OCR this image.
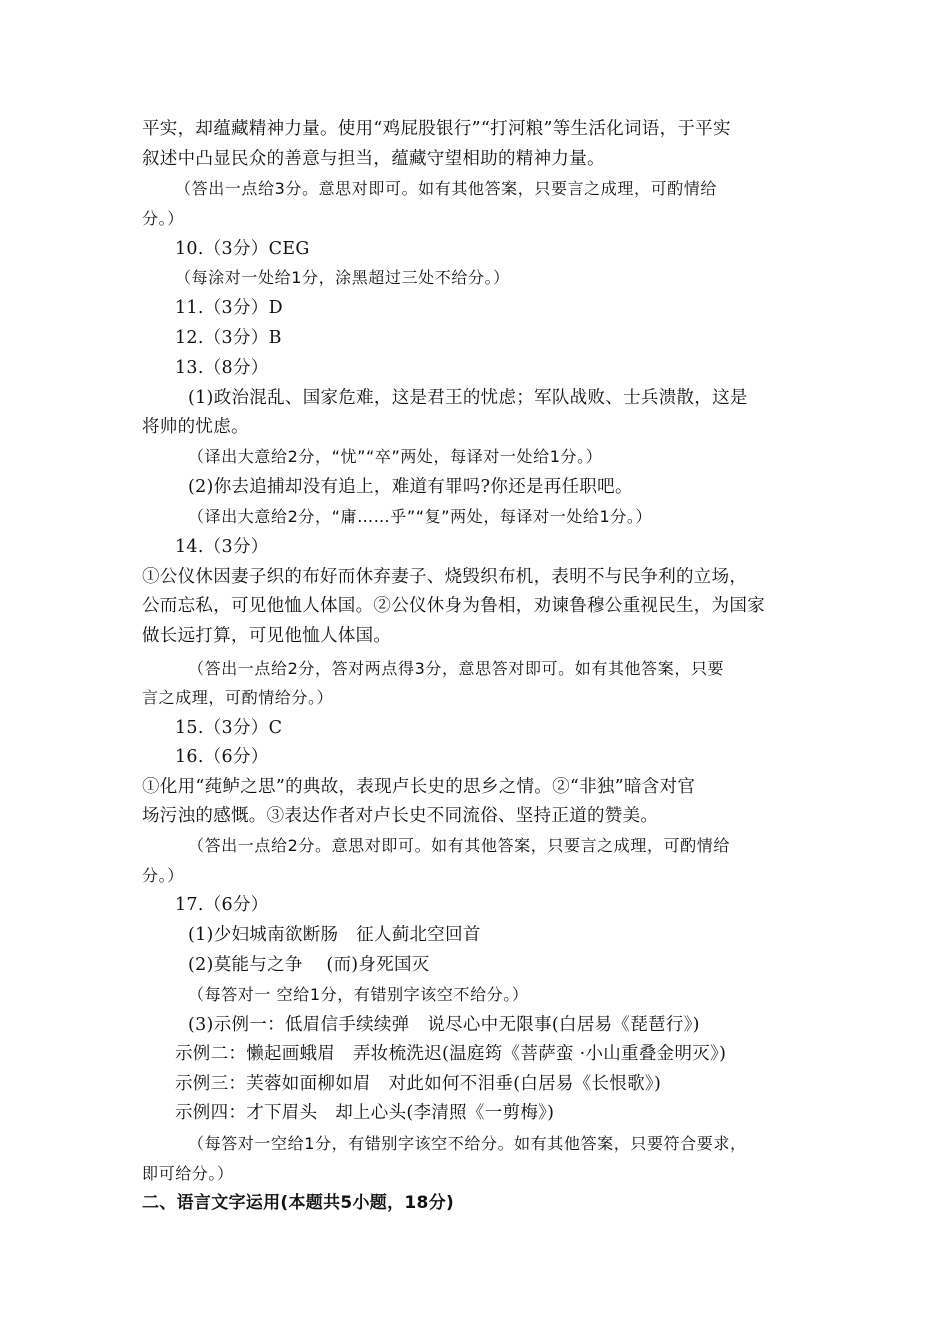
平实，却蕴藏精神力量。使用“鸡屁股银行”“打河粮”等生活化词语，于平实
叙述中凸显民众的善意与担当，蕴藏守望相助的精神力量。
（答出一点给3分。意思对即可。如有其他答案，只要言之成理，可酌情给
分。）
10.（3分）CEG
（每涂对一处给1分，涂黑超过三处不给分。）
11.（3分）D
12.（3分）B
13.（8分）
(1)政治混乱、国家危难，这是君王的忧虑；军队战败、士兵溃散，这是
将帅的忧虑。
（译出大意给2分，“忧”“卒”两处，每译对一处给1分。）
(2)你去追捕却没有追上，难道有罪吗?你还是再任职吧。
（译出大意给2分，“庸……乎”“复”两处，每译对一处给1分。）
14.（3分）
①公仪休因妻子织的布好而休弃妻子、烧毁织布机，表明不与民争利的立场，
公而忘私，可见他恤人体国。②公仪休身为鲁相，劝谏鲁穆公重视民生，为国家
做长远打算，可见他恤人体国。
（答出一点给2分，答对两点得3分，意思答对即可。如有其他答案，只要
言之成理，可酌情给分。）
15.（3分）C
16.（6分）
①化用“莼鲈之思”的典故，表现卢长史的思乡之情。②“非独”暗含对官
场污浊的感慨。③表达作者对卢长史不同流俗、坚持正道的赞美。
（答出一点给2分。意思对即可。如有其他答案，只要言之成理，可酌情给
分。）
17.（6分）
(1)少妇城南欲断肠　征人蓟北空回首
(2)莫能与之争　 (而)身死国灭
（每答对一 空给1分，有错别字该空不给分。）
(3)示例一：低眉信手续续弹　说尽心中无限事(白居易《琵琶行》)
示例二：懒起画蛾眉　弄妆梳洗迟(温庭筠《菩萨蛮 ·小山重叠金明灭》)
示例三：芙蓉如面柳如眉　对此如何不泪垂(白居易《长恨歌》)
示例四：才下眉头　却上心头(李清照《一剪梅》)
（每答对一空给1分，有错别字该空不给分。如有其他答案，只要符合要求，
即可给分。）
二、语言文字运用(本题共5小题，18分)
